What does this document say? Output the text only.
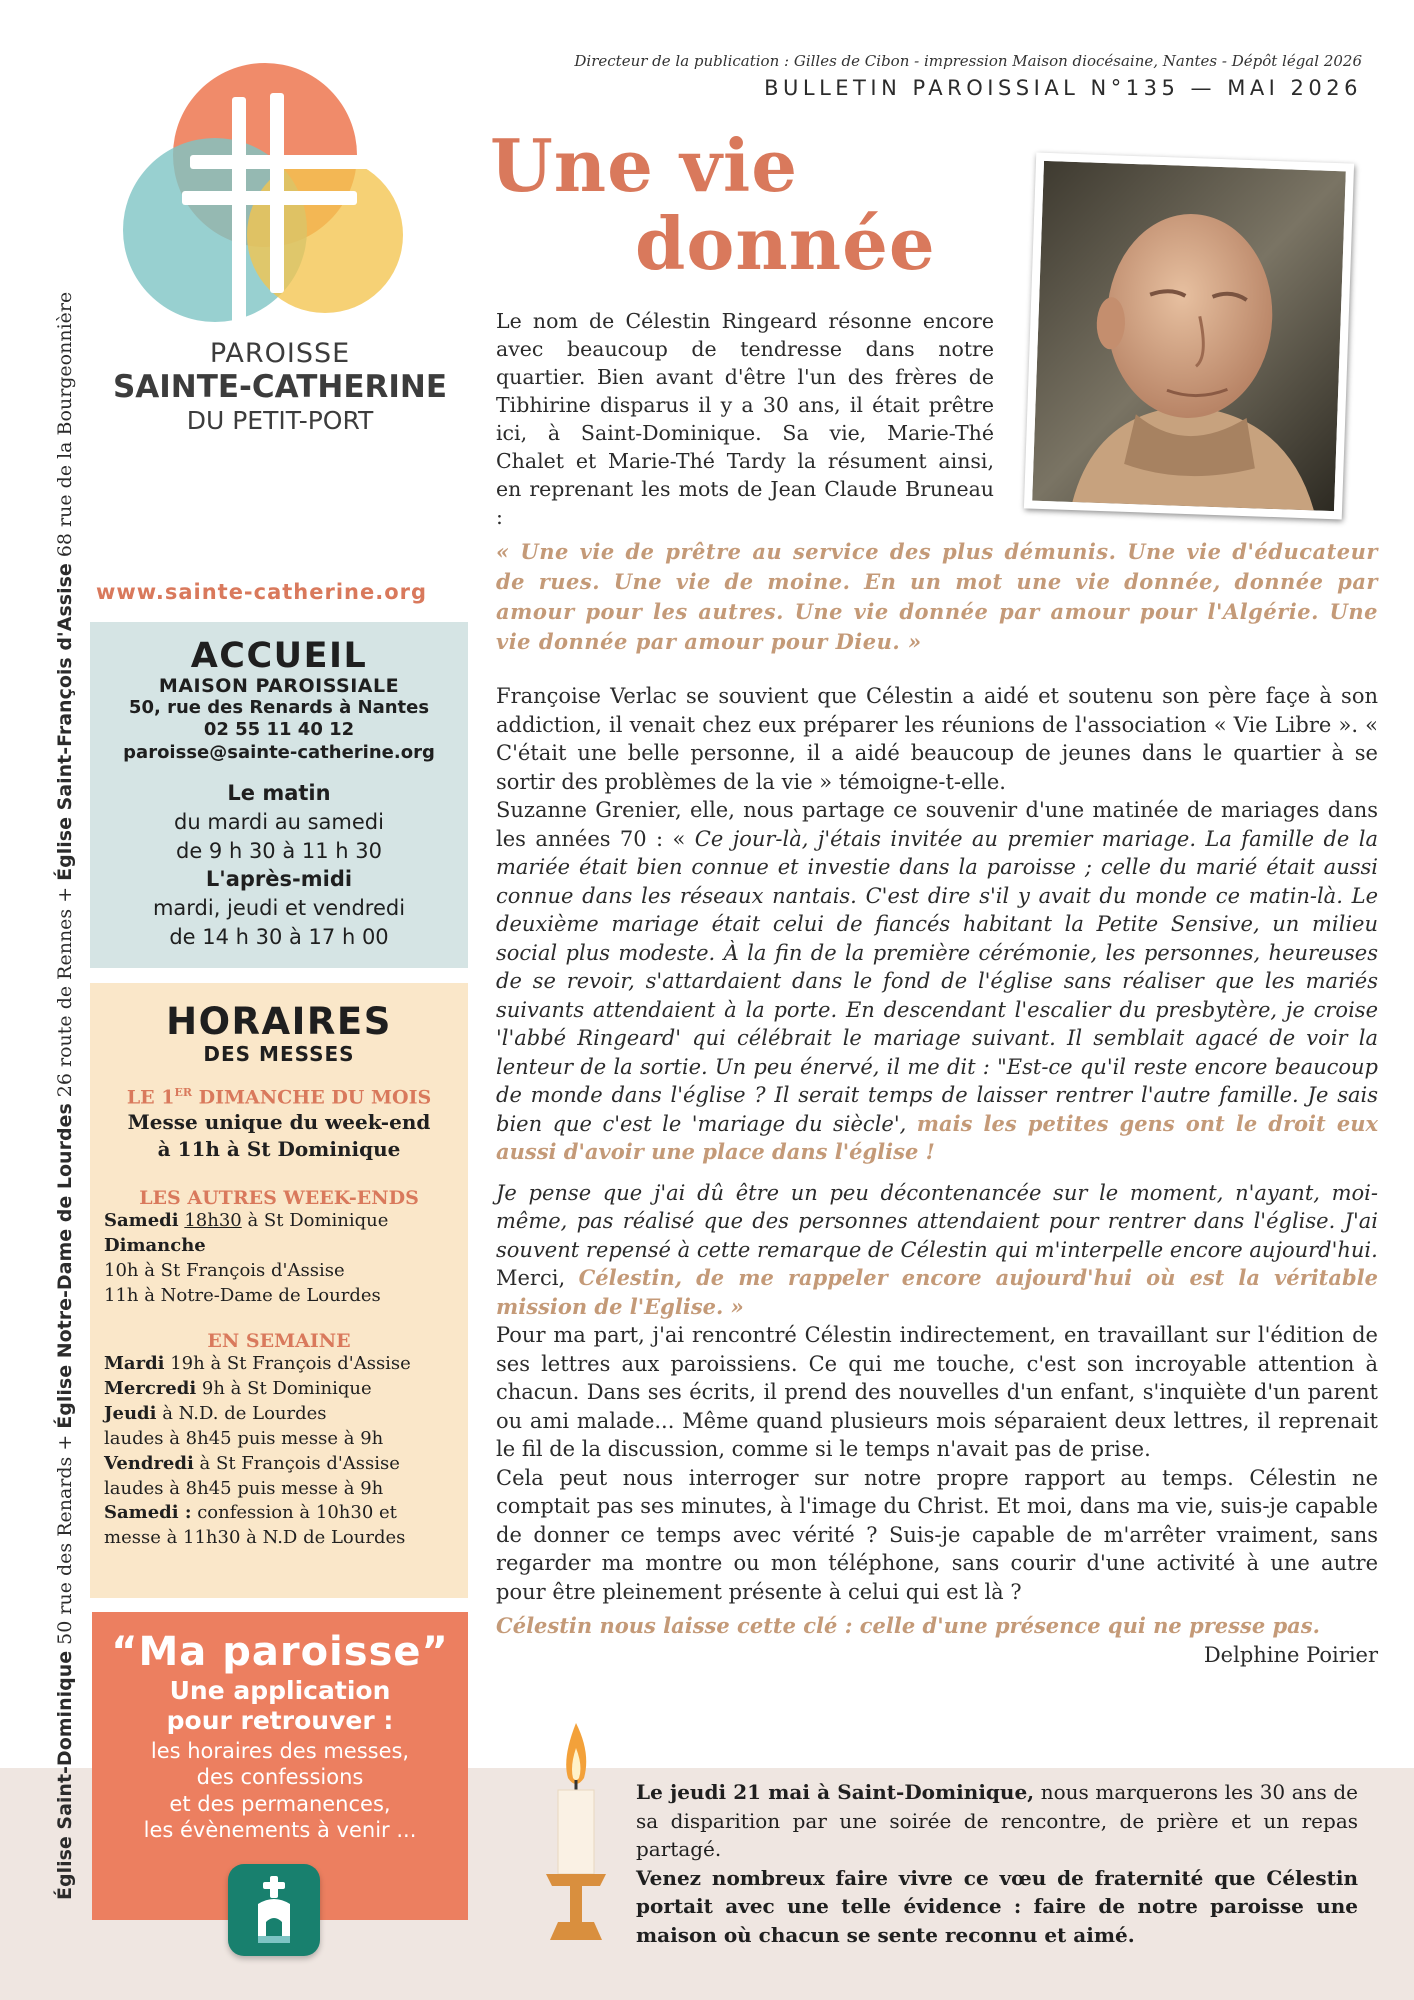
Église Saint-Dominique 50 rue des Renards + Église Notre-Dame de Lourdes 26 route de Rennes + Église Saint-François d'Assise 68 rue de la Bourgeonnière
Directeur de la publication : Gilles de Cibon - impression Maison diocésaine, Nantes - Dépôt légal 2026
BULLETIN PAROISSIAL N°135 — MAI 2026
PAROISSE
SAINTE-CATHERINE
DU PETIT-PORT
www.sainte-catherine.org
ACCUEIL
MAISON PAROISSIALE
50, rue des Renards à Nantes
02 55 11 40 12
paroisse@sainte-catherine.org
Le matin
du mardi au samedi
de 9 h 30 à 11 h 30
L'après-midi
mardi, jeudi et vendredi
de 14 h 30 à 17 h 00
HORAIRES
DES MESSES
LE 1ER DIMANCHE DU MOIS
Messe unique du week-end
à 11h à St Dominique
LES AUTRES WEEK-ENDS
Samedi 18h30 à St Dominique
Dimanche
10h à St François d'Assise
11h à Notre-Dame de Lourdes
EN SEMAINE
Mardi 19h à St François d'Assise
Mercredi 9h à St Dominique
Jeudi à N.D. de Lourdes
laudes à 8h45 puis messe à 9h
Vendredi à St François d'Assise
laudes à 8h45 puis messe à 9h
Samedi : confession à 10h30 et
messe à 11h30 à N.D de Lourdes
“Ma paroisse”
Une application
pour retrouver :
les horaires des messes,
des confessions
et des permanences,
les évènements à venir ...
Une vie
donnée
Le nom de Célestin Ringeard résonne encore avec beaucoup de tendresse dans notre quartier. Bien avant d'être l'un des frères de Tibhirine disparus il y a 30 ans, il était prêtre ici, à Saint-Dominique. Sa vie, Marie-Thé Chalet et Marie-Thé Tardy la résument ainsi, en reprenant les mots de Jean Claude Bruneau :
« Une vie de prêtre au service des plus démunis. Une vie d'éducateur de rues. Une vie de moine. En un mot une vie donnée, donnée par amour pour les autres. Une vie donnée par amour pour l'Algérie. Une vie donnée par amour pour Dieu. »

Françoise Verlac se souvient que Célestin a aidé et soutenu son père façe à son addiction, il venait chez eux préparer les réunions de l'association « Vie Libre ». « C'était une belle personne, il a aidé beaucoup de jeunes dans le quartier à se sortir des problèmes de la vie » témoigne-t-elle.

Suzanne Grenier, elle, nous partage ce souvenir d'une matinée de mariages dans les années 70 : « Ce jour-là, j'étais invitée au premier mariage. La famille de la mariée était bien connue et investie dans la paroisse ; celle du marié était aussi connue dans les réseaux nantais. C'est dire s'il y avait du monde ce matin-là. Le deuxième mariage était celui de fiancés habitant la Petite Sensive, un milieu social plus modeste. À la fin de la première cérémonie, les personnes, heureuses de se revoir, s'attardaient dans le fond de l'église sans réaliser que les mariés suivants attendaient à la porte. En descendant l'escalier du presbytère, je croise 'l'abbé Ringeard' qui célébrait le mariage suivant. Il semblait agacé de voir la lenteur de la sortie. Un peu énervé, il me dit : "Est-ce qu'il reste encore beaucoup de monde dans l'église ? Il serait temps de laisser rentrer l'autre famille. Je sais bien que c'est le 'mariage du siècle', mais les petites gens ont le droit eux aussi d'avoir une place dans l'église !

Je pense que j'ai dû être un peu décontenancée sur le moment, n'ayant, moi-même, pas réalisé que des personnes attendaient pour rentrer dans l'église. J'ai souvent repensé à cette remarque de Célestin qui m'interpelle encore aujourd'hui.

Merci, Célestin, de me rappeler encore aujourd'hui où est la véritable mission de l'Eglise. »

Pour ma part, j'ai rencontré Célestin indirectement, en travaillant sur l'édition de ses lettres aux paroissiens. Ce qui me touche, c'est son incroyable attention à chacun. Dans ses écrits, il prend des nouvelles d'un enfant, s'inquiète d'un parent ou ami malade... Même quand plusieurs mois séparaient deux lettres, il reprenait le fil de la discussion, comme si le temps n'avait pas de prise.

Cela peut nous interroger sur notre propre rapport au temps. Célestin ne comptait pas ses minutes, à l'image du Christ. Et moi, dans ma vie, suis-je capable de donner ce temps avec vérité ? Suis-je capable de m'arrêter vraiment, sans regarder ma montre ou mon téléphone, sans courir d'une activité à une autre pour être pleinement présente à celui qui est là ?

Célestin nous laisse cette clé : celle d'une présence qui ne presse pas.

Delphine Poirier

Le jeudi 21 mai à Saint-Dominique, nous marquerons les 30 ans de sa disparition par une soirée de rencontre, de prière et un repas partagé.

Venez nombreux faire vivre ce vœu de fraternité que Célestin portait avec une telle évidence : faire de notre paroisse une maison où chacun se sente reconnu et aimé.
